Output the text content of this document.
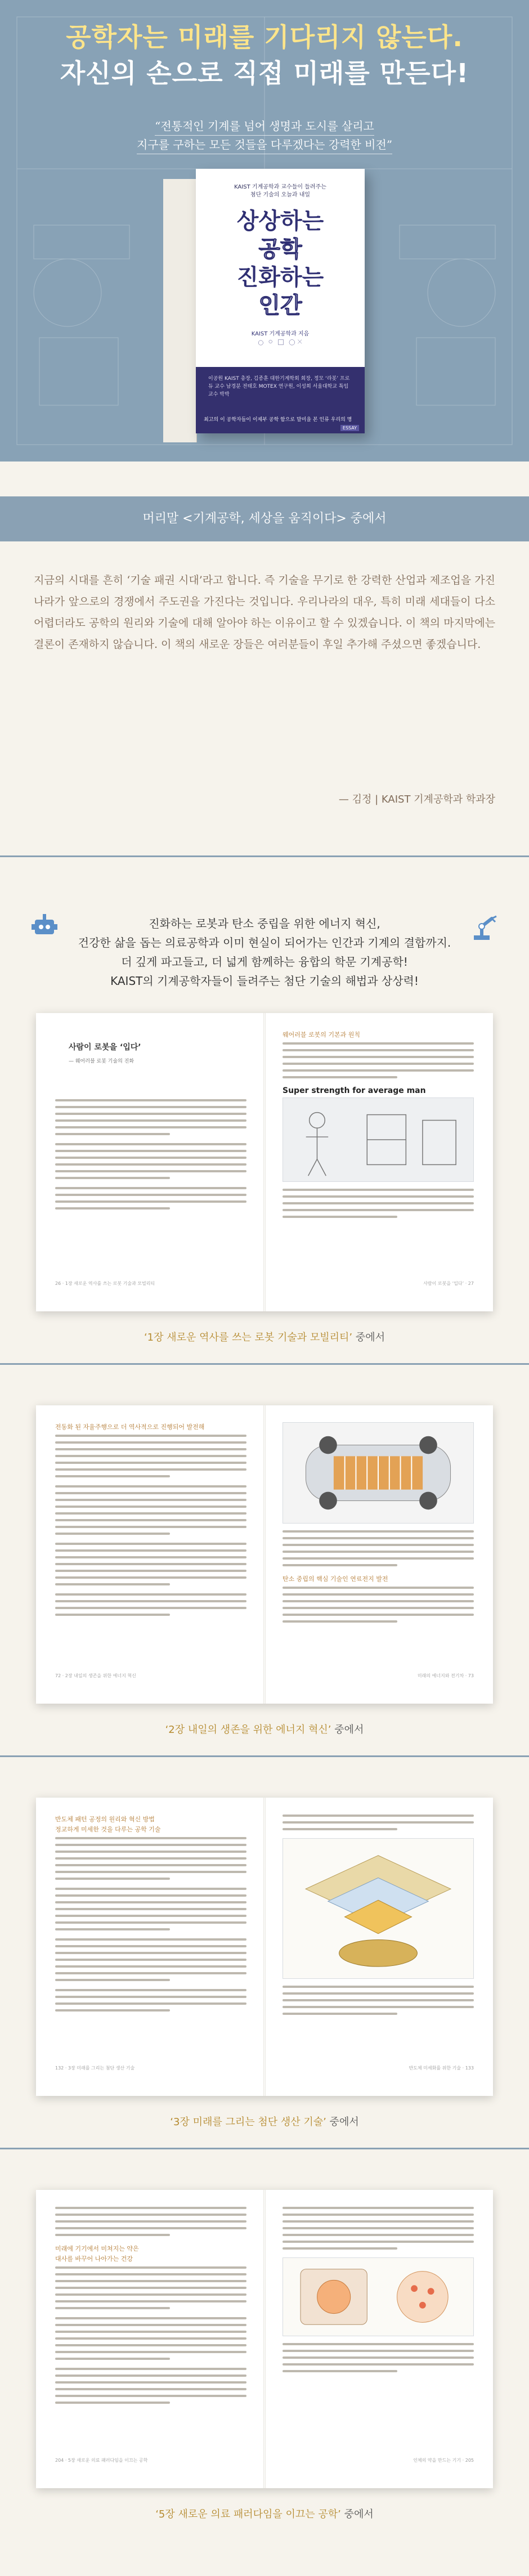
공학자는 미래를 기다리지 않는다.
자신의 손으로 직접 미래를 만든다!
“전통적인 기계를 넘어 생명과 도시를 살리고
지구를 구하는 모든 것들을 다루겠다는 강력한 비전”
KAIST 기계공학과 교수들이 들려주는
첨단 기술의 오늘과 내일
상상하는
공학
진화하는
인간
KAIST 기계공학과 지음
이공원 KAIST 총장, 김종훈 대한기계학회 회장, 정모 ‘라봇’ 프로듀 교수 남경분 전태호 MOTEX 연구원, 이성희 서울대학교 특임교수 박박
최고의 이 공학자들이 이제부 공학 함으로 말미을 본 인류 우리의 명
ESSAY
머리말 <기계공학, 세상을 움직이다> 중에서

지금의 시대를 흔히 ‘기술 패권 시대’라고 합니다. 즉 기술을 무기로 한 강력한 산업과 제조업을 가진 나라가 앞으로의 경쟁에서 주도권을 가진다는 것입니다. 우리나라의 대우, 특히 미래 세대들이 다소 어렵더라도 공학의 원리와 기술에 대해 알아야 하는 이유이고 할 수 있겠습니다. 이 책의 마지막에는 결론이 존재하지 않습니다. 이 책의 새로운 장들은 여러분들이 후일 추가해 주셨으면 좋겠습니다.

— 김정 | KAIST 기계공학과 학과장
진화하는 로봇과 탄소 중립을 위한 에너지 혁신,
건강한 삶을 돕는 의료공학과 이미 현실이 되어가는 인간과 기계의 결합까지.
더 깊게 파고들고, 더 넓게 함께하는 융합의 학문 기계공학!
KAIST의 기계공학자들이 들려주는 첨단 기술의 해법과 상상력!
사람이 로봇을 ‘입다’
— 웨어러블 로봇 기술의 진화
26 · 1장 새로운 역사를 쓰는 로봇 기술과 모빌리티
웨어러블 로봇의 기본과 원칙
Super strength for average man
사람이 로봇을 ‘입다’ · 27
‘1장 새로운 역사를 쓰는 로봇 기술과 모빌리티’ 중에서
전동화 된 자율주행으로 더 역사적으로 진행되어 발전해
72 · 2장 내일의 생존을 위한 에너지 혁신
탄소 중립의 핵심 기술인 연료전지 발전
미래의 에너지와 전기차 · 73
‘2장 내일의 생존을 위한 에너지 혁신’ 중에서
반도체 패턴 공정의 원리와 혁신 방법
정교하게 미세한 것을 다루는 공학 기술
132 · 3장 미래를 그리는 첨단 생산 기술	반도체 미세화를 위한 기술 · 133
‘3장 미래를 그리는 첨단 생산 기술’ 중에서
미래에 기기에서 미쳐지는 약은
대사를 바꾸어 나아가는 건강
204 · 5장 새로운 의료 패러다임을 이끄는 공학	인체의 약을 만드는 기기 · 205
‘5장 새로운 의료 패러다임을 이끄는 공학’ 중에서
